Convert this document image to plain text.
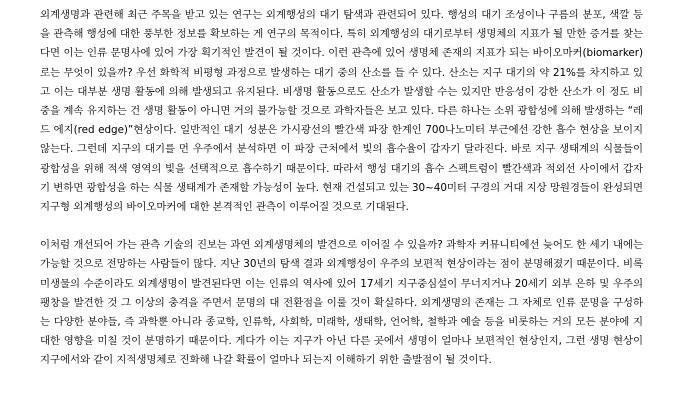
외계생명과 관련해 최근 주목을 받고 있는 연구는 외계행성의 대기 탐색과 관련되어 있다. 행성의 대기 조성이나 구름의 분포, 색깔 등을 관측해 행성에 대한 풍부한 정보를 확보하는 게 연구의 목적이다. 특히 외계행성의 대기로부터 생명체의 지표가 될 만한 증거를 찾는다면 이는 인류 문명사에 있어 가장 획기적인 발견이 될 것이다. 이런 관측에 있어 생명체 존재의 지표가 되는 바이오마커(biomarker)로는 무엇이 있을까? 우선 화학적 비평형 과정으로 발생하는 대기 중의 산소를 들 수 있다. 산소는 지구 대기의 약 21%를 차지하고 있고 이는 대부분 생명 활동에 의해 발생되고 유지된다. 비생명 활동으로도 산소가 발생할 수는 있지만 반응성이 강한 산소가 이 정도 비중을 계속 유지하는 건 생명 활동이 아니면 거의 불가능할 것으로 과학자들은 보고 있다. 다른 하나는 소위 광합성에 의해 발생하는 “레드 에지(red edge)”현상이다. 일반적인 대기 성분은 가시광선의 빨간색 파장 한계인 700나노미터 부근에선 강한 흡수 현상을 보이지 않는다. 그런데 지구의 대기를 먼 우주에서 분석하면 이 파장 근처에서 빛의 흡수율이 갑자기 달라진다. 바로 지구 생태계의 식물들이 광합성을 위해 적색 영역의 빛을 선택적으로 흡수하기 때문이다. 따라서 행성 대기의 흡수 스펙트럼이 빨간색과 적외선 사이에서 갑자기 변하면 광합성을 하는 식물 생태계가 존재할 가능성이 높다. 현재 건설되고 있는 30~40미터 구경의 거대 지상 망원경들이 완성되면 지구형 외계행성의 바이오마커에 대한 본격적인 관측이 이루어질 것으로 기대된다.

이처럼 개선되어 가는 관측 기술의 진보는 과연 외계생명체의 발견으로 이어질 수 있을까? 과학자 커뮤니티에선 늦어도 한 세기 내에는 가능할 것으로 전망하는 사람들이 많다. 지난 30년의 탐색 결과 외계행성이 우주의 보편적 현상이라는 점이 분명해졌기 때문이다. 비록 미생물의 수준이라도 외계생명이 발견된다면 이는 인류의 역사에 있어 17세기 지구중심설이 무너지거나 20세기 외부 은하 및 우주의 팽창을 발견한 것 그 이상의 충격을 주면서 문명의 대 전환점을 이룰 것이 확실하다. 외계생명의 존재는 그 자체로 인류 문명을 구성하는 다양한 분야들, 즉 과학뿐 아니라 종교학, 인류학, 사회학, 미래학, 생태학, 언어학, 철학과 예술 등을 비롯하는 거의 모든 분야에 지대한 영향을 미칠 것이 분명하기 때문이다. 게다가 이는 지구가 아닌 다른 곳에서 생명이 얼마나 보편적인 현상인지, 그런 생명 현상이 지구에서와 같이 지적생명체로 진화해 나갈 확률이 얼마나 되는지 이해하기 위한 출발점이 될 것이다.
